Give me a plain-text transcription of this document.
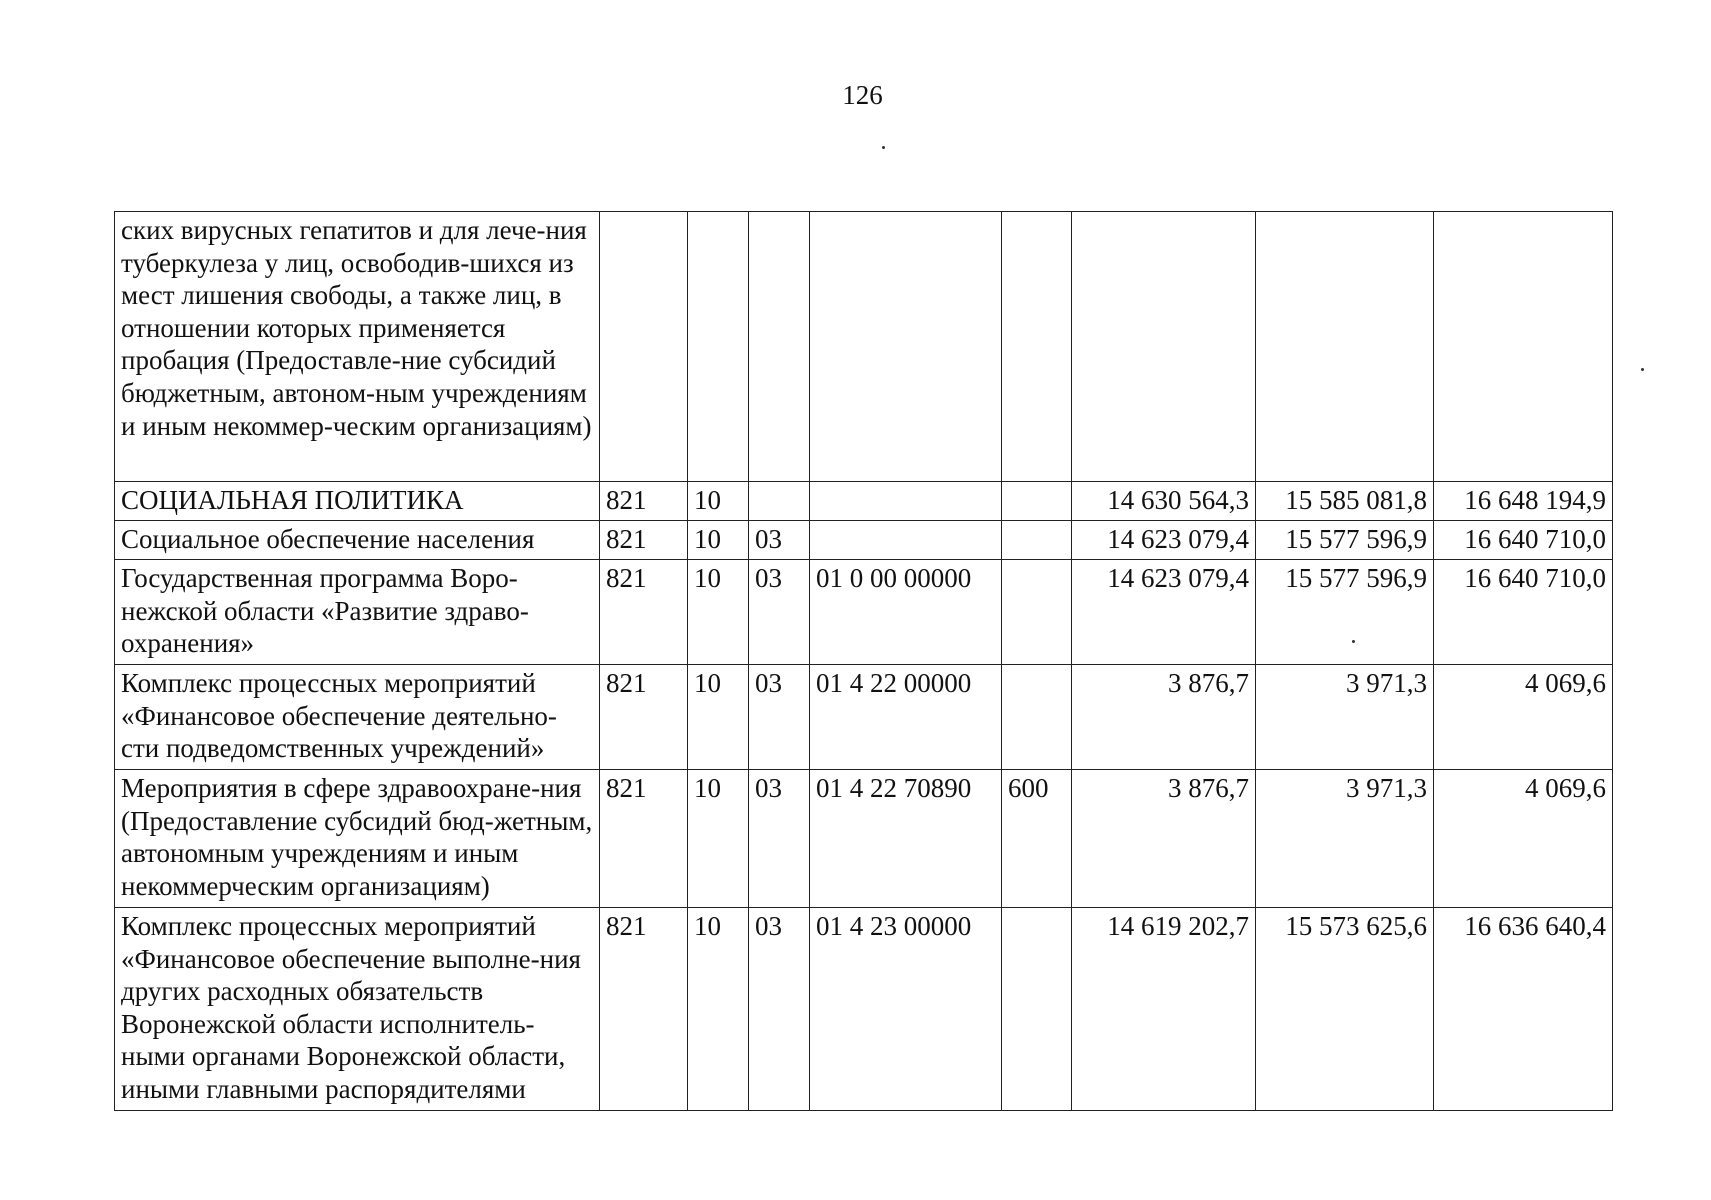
126
ских вирусных гепатитов и для лече-ния туберкулеза у лиц, освободив-шихся из мест лишения свободы, а также лиц, в отношении которых применяется пробация (Предоставле-ние субсидий бюджетным, автоном-ным учреждениям и иным некоммер-ческим организациям)								
СОЦИАЛЬНАЯ ПОЛИТИКА	821	10				14 630 564,3	15 585 081,8	16 648 194,9
Социальное обеспечение населения	821	10	03			14 623 079,4	15 577 596,9	16 640 710,0
Государственная программа Воро-нежской области «Развитие здраво-охранения»	821	10	03	01 0 00 00000		14 623 079,4	15 577 596,9	16 640 710,0
Комплекс процессных мероприятий «Финансовое обеспечение деятельно-сти подведомственных учреждений»	821	10	03	01 4 22 00000		3 876,7	3 971,3	4 069,6
Мероприятия в сфере здравоохране-ния (Предоставление субсидий бюд-жетным, автономным учреждениям и иным некоммерческим организациям)	821	10	03	01 4 22 70890	600	3 876,7	3 971,3	4 069,6
Комплекс процессных мероприятий «Финансовое обеспечение выполне-ния других расходных обязательств Воронежской области исполнитель-ными органами Воронежской области, иными главными распорядителями	821	10	03	01 4 23 00000		14 619 202,7	15 573 625,6	16 636 640,4
